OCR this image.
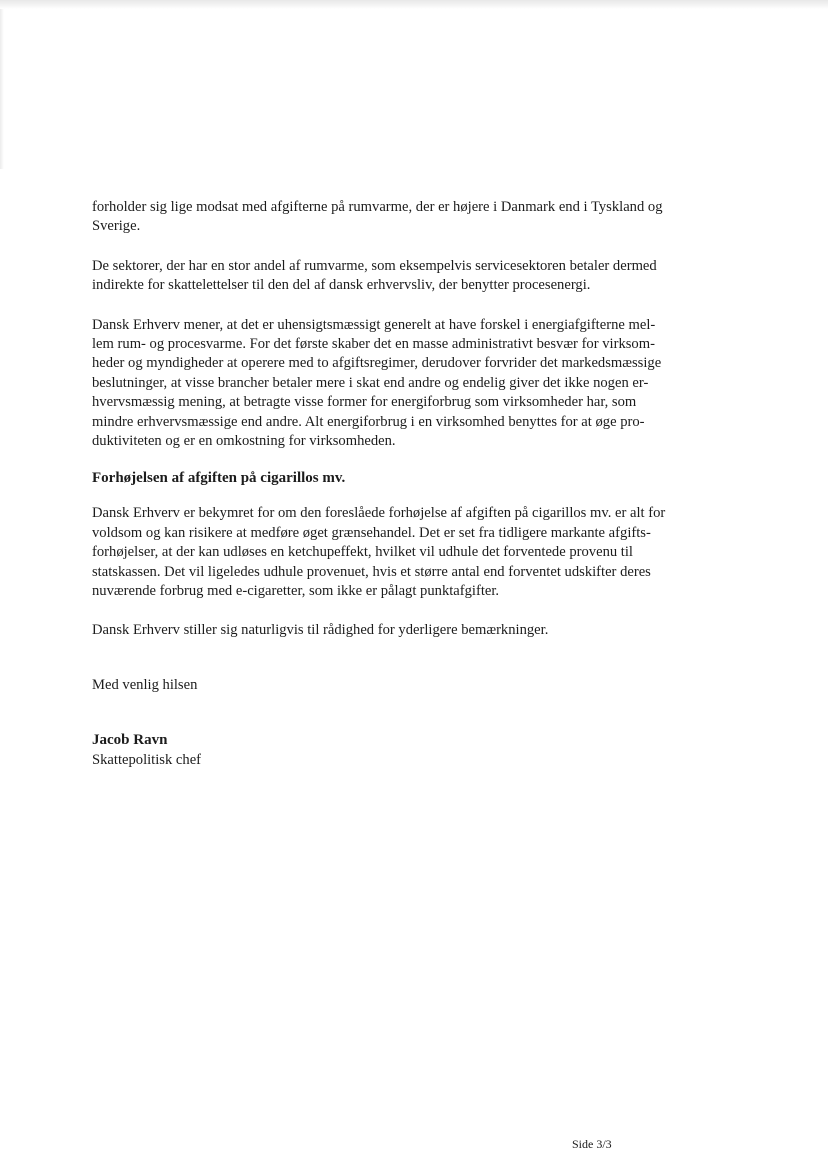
forholder sig lige modsat med afgifterne på rumvarme, der er højere i Danmark end i Tyskland og
Sverige.

De sektorer, der har en stor andel af rumvarme, som eksempelvis servicesektoren betaler dermed
indirekte for skattelettelser til den del af dansk erhvervsliv, der benytter procesenergi.

Dansk Erhverv mener, at det er uhensigtsmæssigt generelt at have forskel i energiafgifterne mel-
lem rum- og procesvarme. For det første skaber det en masse administrativt besvær for virksom-
heder og myndigheder at operere med to afgiftsregimer, derudover forvrider det markedsmæssige
beslutninger, at visse brancher betaler mere i skat end andre og endelig giver det ikke nogen er-
hvervsmæssig mening, at betragte visse former for energiforbrug som virksomheder har, som
mindre erhvervsmæssige end andre. Alt energiforbrug i en virksomhed benyttes for at øge pro-
duktiviteten og er en omkostning for virksomheden.

Forhøjelsen af afgiften på cigarillos mv.

Dansk Erhverv er bekymret for om den foreslåede forhøjelse af afgiften på cigarillos mv. er alt for
voldsom og kan risikere at medføre øget grænsehandel. Det er set fra tidligere markante afgifts-
forhøjelser, at der kan udløses en ketchupeffekt, hvilket vil udhule det forventede provenu til
statskassen. Det vil ligeledes udhule provenuet, hvis et større antal end forventet udskifter deres
nuværende forbrug med e-cigaretter, som ikke er pålagt punktafgifter.

Dansk Erhverv stiller sig naturligvis til rådighed for yderligere bemærkninger.

Med venlig hilsen

Jacob Ravn

Skattepolitisk chef

Side 3/3
